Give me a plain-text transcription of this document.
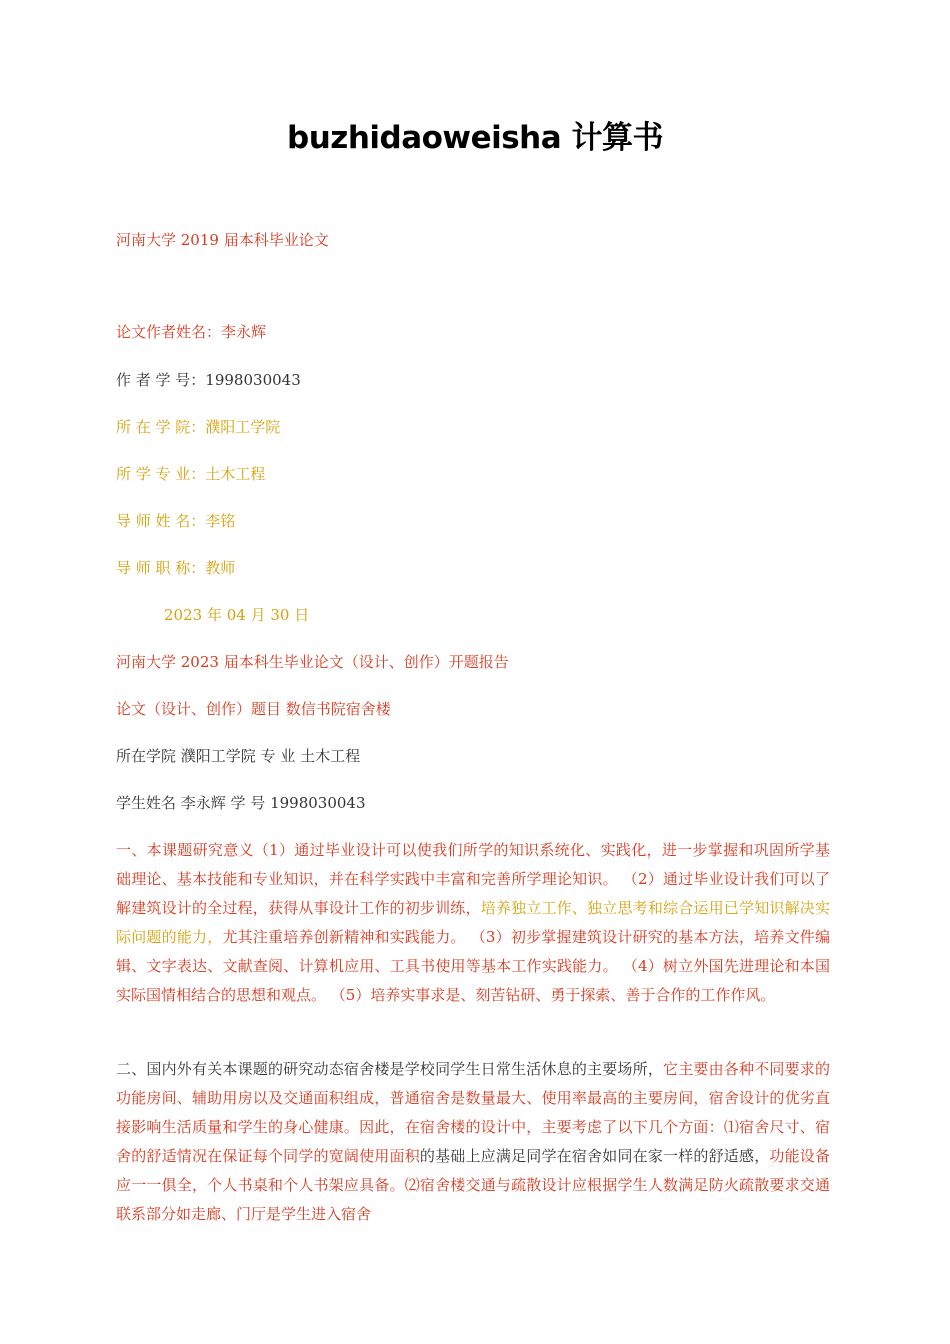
buzhidaoweisha 计算书
河南大学 2019 届本科毕业论文
论文作者姓名：李永辉
作 者 学 号：1998030043
所 在 学 院：濮阳工学院
所 学 专 业：土木工程
导 师 姓 名：李铭
导 师 职 称：教师
2023 年 04 月 30 日
河南大学 2023 届本科生毕业论文（设计、创作）开题报告
论文（设计、创作）题目 数信书院宿舍楼
所在学院 濮阳工学院 专 业 土木工程
学生姓名 李永辉 学 号 1998030043
一、本课题研究意义（1）通过毕业设计可以使我们所学的知识系统化、实践化，进一步掌握和巩固所学基础理论、基本技能和专业知识，并在科学实践中丰富和完善所学理论知识。 （2）通过毕业设计我们可以了解建筑设计的全过程，获得从事设计工作的初步训练，培养独立工作、独立思考和综合运用已学知识解决实际问题的能力，尤其注重培养创新精神和实践能力。 （3）初步掌握建筑设计研究的基本方法，培养文件编辑、文字表达、文献查阅、计算机应用、工具书使用等基本工作实践能力。 （4）树立外国先进理论和本国实际国情相结合的思想和观点。 （5）培养实事求是、刻苦钻研、勇于探索、善于合作的工作作风。
二、国内外有关本课题的研究动态宿舍楼是学校同学生日常生活休息的主要场所，它主要由各种不同要求的功能房间、辅助用房以及交通面积组成，普通宿舍是数量最大、使用率最高的主要房间，宿舍设计的优劣直接影响生活质量和学生的身心健康。因此，在宿舍楼的设计中，主要考虑了以下几个方面：⑴宿舍尺寸、宿舍的舒适情况在保证每个同学的宽阔使用面积的基础上应满足同学在宿舍如同在家一样的舒适感，功能设备应一一俱全，个人书桌和个人书架应具备。⑵宿舍楼交通与疏散设计应根据学生人数满足防火疏散要求交通联系部分如走廊、门厅是学生进入宿舍
